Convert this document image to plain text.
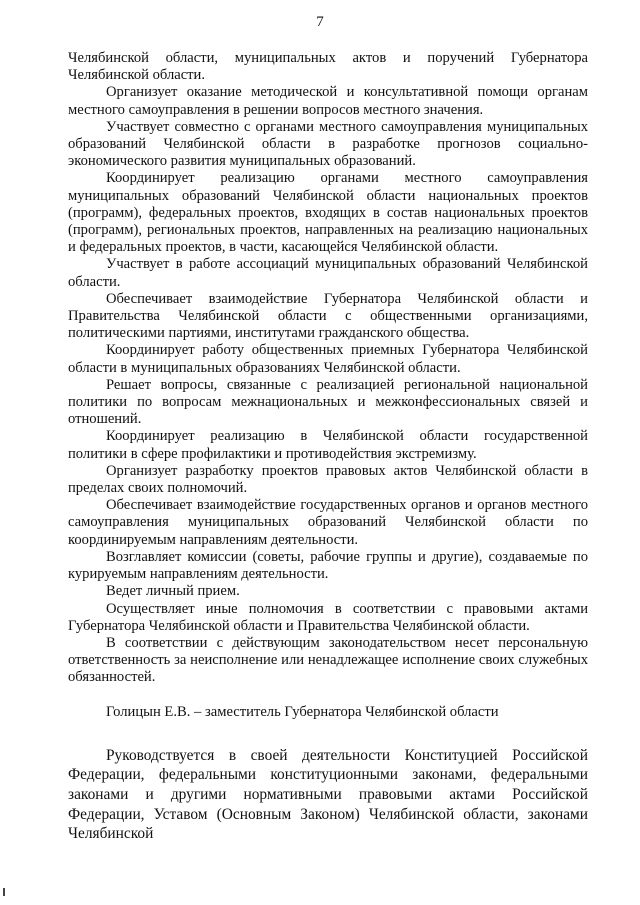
7

Челябинской области, муниципальных актов и поручений Губернатора Челябинской области.

Организует оказание методической и консультативной помощи органам местного самоуправления в решении вопросов местного значения.

Участвует совместно с органами местного самоуправления муниципальных образований Челябинской области в разработке прогнозов социально-экономического развития муниципальных образований.

Координирует реализацию органами местного самоуправления муниципальных образований Челябинской области национальных проектов (программ), федеральных проектов, входящих в состав национальных проектов (программ), региональных проектов, направленных на реализацию национальных и федеральных проектов, в части, касающейся Челябинской области.

Участвует в работе ассоциаций муниципальных образований Челябинской области.

Обеспечивает взаимодействие Губернатора Челябинской области и Правительства Челябинской области с общественными организациями, политическими партиями, институтами гражданского общества.

Координирует работу общественных приемных Губернатора Челябинской области в муниципальных образованиях Челябинской области.

Решает вопросы, связанные с реализацией региональной национальной политики по вопросам межнациональных и межконфессиональных связей и отношений.

Координирует реализацию в Челябинской области государственной политики в сфере профилактики и противодействия экстремизму.

Организует разработку проектов правовых актов Челябинской области в пределах своих полномочий.

Обеспечивает взаимодействие государственных органов и органов местного самоуправления муниципальных образований Челябинской области по координируемым направлениям деятельности.

Возглавляет комиссии (советы, рабочие группы и другие), создаваемые по курируемым направлениям деятельности.

Ведет личный прием.

Осуществляет иные полномочия в соответствии с правовыми актами Губернатора Челябинской области и Правительства Челябинской области.

В соответствии с действующим законодательством несет персональную ответственность за неисполнение или ненадлежащее исполнение своих служебных обязанностей.

Голицын Е.В. – заместитель Губернатора Челябинской области

Руководствуется в своей деятельности Конституцией Российской Федерации, федеральными конституционными законами, федеральными законами и другими нормативными правовыми актами Российской Федерации, Уставом (Основным Законом) Челябинской области, законами Челябинской
